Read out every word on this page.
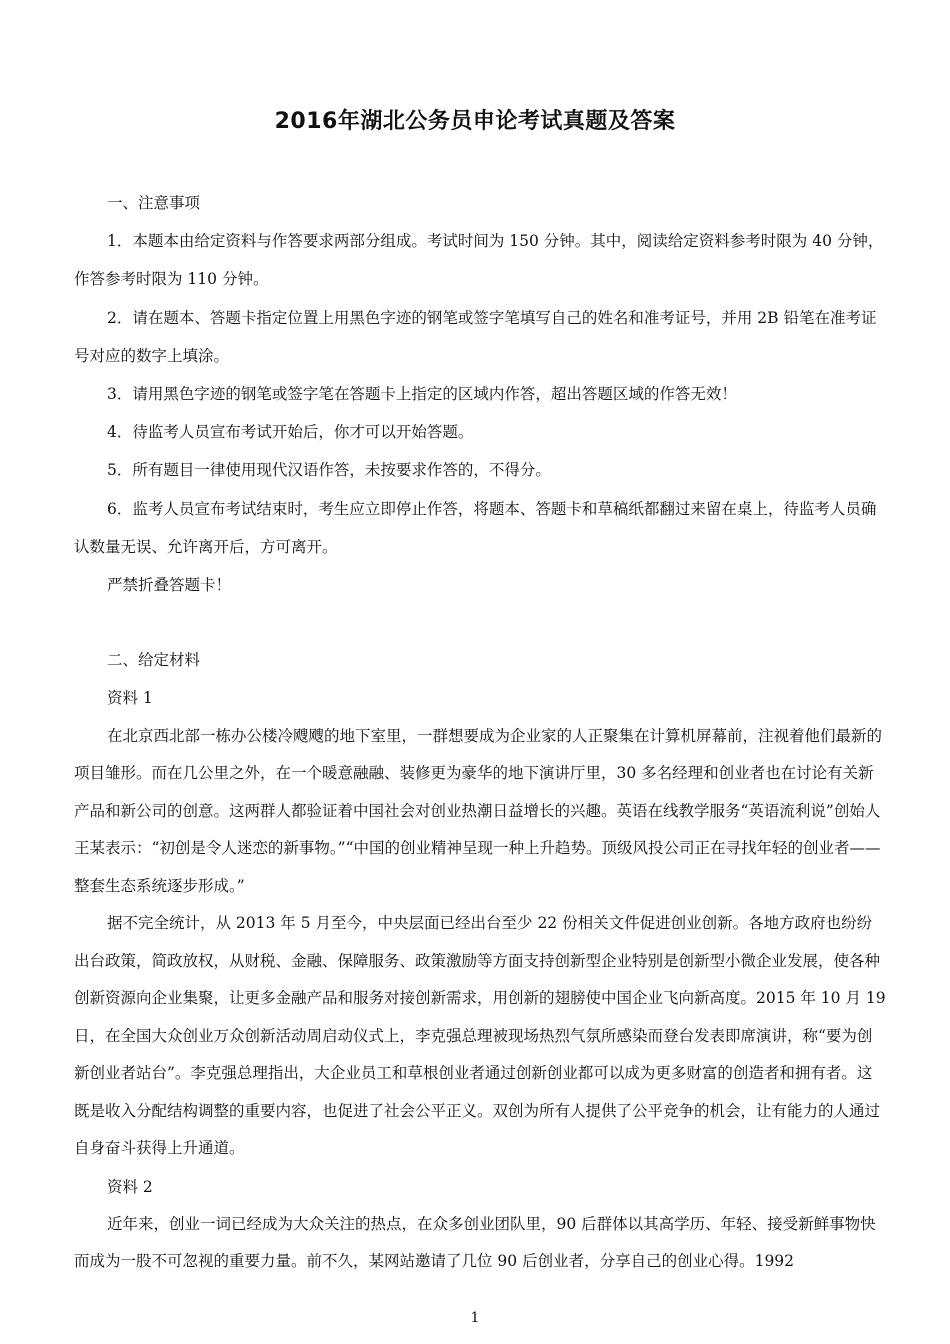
2016年湖北公务员申论考试真题及答案

一、注意事项

1．本题本由给定资料与作答要求两部分组成。考试时间为 150 分钟。其中，阅读给定资料参考时限为 40 分钟，作答参考时限为 110 分钟。

2．请在题本、答题卡指定位置上用黑色字迹的钢笔或签字笔填写自己的姓名和准考证号，并用 2B 铅笔在准考证号对应的数字上填涂。

3．请用黑色字迹的钢笔或签字笔在答题卡上指定的区域内作答，超出答题区域的作答无效！

4．待监考人员宣布考试开始后，你才可以开始答题。

5．所有题目一律使用现代汉语作答，未按要求作答的，不得分。

6．监考人员宣布考试结束时，考生应立即停止作答，将题本、答题卡和草稿纸都翻过来留在桌上，待监考人员确认数量无误、允许离开后，方可离开。

严禁折叠答题卡！

二、给定材料

资料 1

在北京西北部一栋办公楼冷飕飕的地下室里，一群想要成为企业家的人正聚集在计算机屏幕前，注视着他们最新的项目雏形。而在几公里之外，在一个暖意融融、装修更为豪华的地下演讲厅里，30 多名经理和创业者也在讨论有关新产品和新公司的创意。这两群人都验证着中国社会对创业热潮日益增长的兴趣。英语在线教学服务“英语流利说”创始人王某表示：“初创是令人迷恋的新事物。”“中国的创业精神呈现一种上升趋势。顶级风投公司正在寻找年轻的创业者——整套生态系统逐步形成。”

据不完全统计，从 2013 年 5 月至今，中央层面已经出台至少 22 份相关文件促进创业创新。各地方政府也纷纷出台政策，简政放权，从财税、金融、保障服务、政策激励等方面支持创新型企业特别是创新型小微企业发展，使各种创新资源向企业集聚，让更多金融产品和服务对接创新需求，用创新的翅膀使中国企业飞向新高度。2015 年 10 月 19 日，在全国大众创业万众创新活动周启动仪式上，李克强总理被现场热烈气氛所感染而登台发表即席演讲，称“要为创新创业者站台”。李克强总理指出，大企业员工和草根创业者通过创新创业都可以成为更多财富的创造者和拥有者。这既是收入分配结构调整的重要内容，也促进了社会公平正义。双创为所有人提供了公平竞争的机会，让有能力的人通过自身奋斗获得上升通道。

资料 2

近年来，创业一词已经成为大众关注的热点，在众多创业团队里，90 后群体以其高学历、年轻、接受新鲜事物快而成为一股不可忽视的重要力量。前不久，某网站邀请了几位 90 后创业者，分享自己的创业心得。1992

1
